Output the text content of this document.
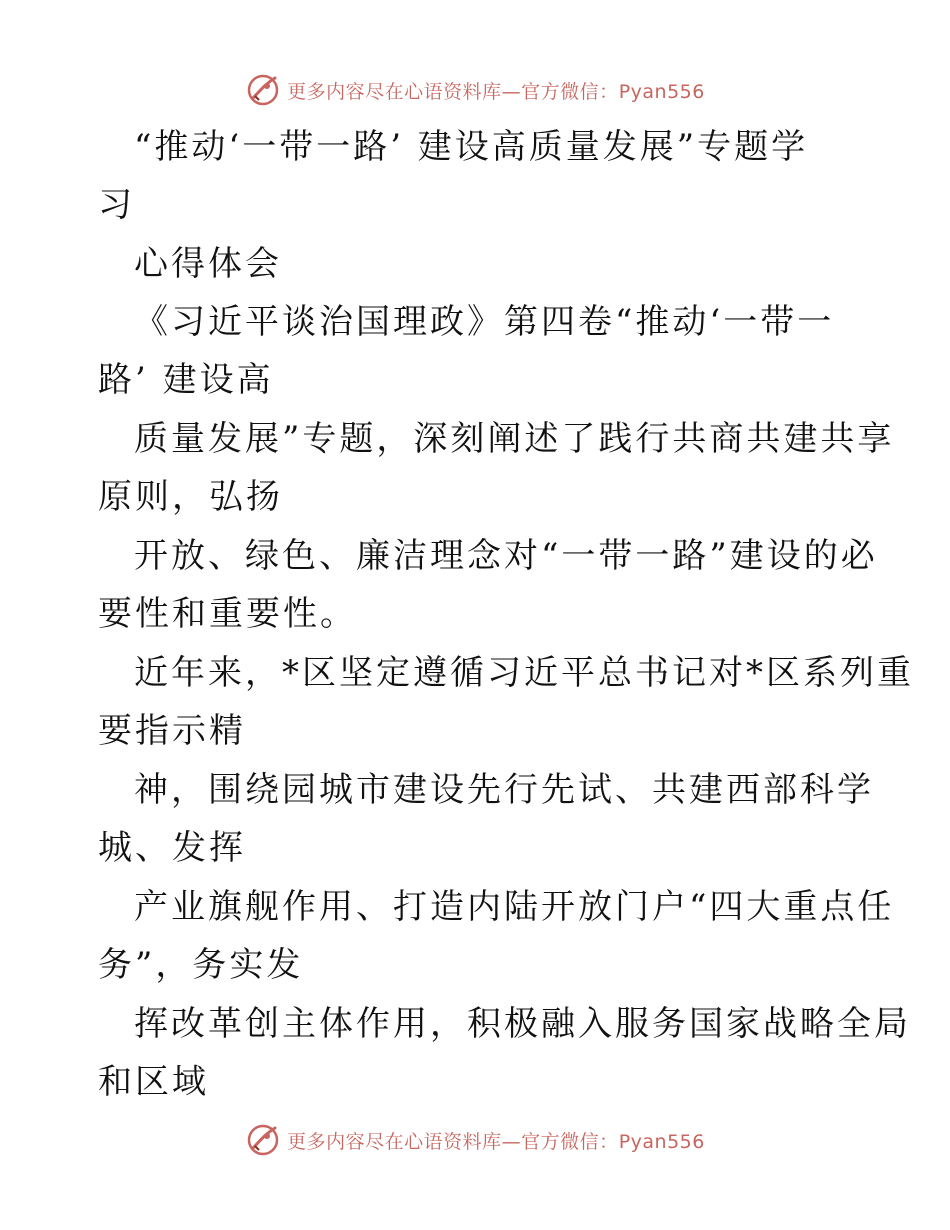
更多内容尽在心语资料库—官方微信：Pyan556
“推动‘一带一路’ 建设高质量发展”专题学
习
心得体会
《习近平谈治国理政》第四卷“推动‘一带一
路’ 建设高
质量发展”专题，深刻阐述了践行共商共建共享
原则，弘扬
开放、绿色、廉洁理念对“一带一路”建设的必
要性和重要性。
近年来，*区坚定遵循习近平总书记对*区系列重
要指示精
神，围绕园城市建设先行先试、共建西部科学
城、发挥
产业旗舰作用、打造内陆开放门户“四大重点任
务”，务实发
挥改革创主体作用，积极融入服务国家战略全局
和区域
更多内容尽在心语资料库—官方微信：Pyan556
